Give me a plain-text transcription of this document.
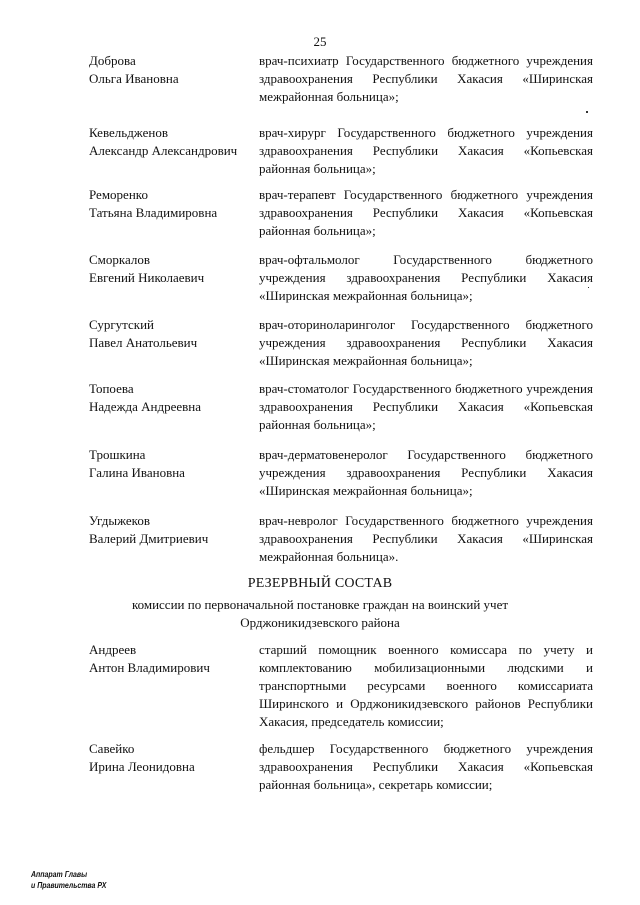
25
Доброва
Ольга Ивановна
врач-психиатр Государственного бюджетного учреждения здравоохранения Республики Хакасия «Ширинская межрайонная больница»;
Кевельдженов
Александр Александрович
врач-хирург Государственного бюджетного учреждения здравоохранения Республики Хакасия «Копьевская районная больница»;
Реморенко
Татьяна Владимировна
врач-терапевт Государственного бюджетного учреждения здравоохранения Республики Хакасия «Копьевская районная больница»;
Сморкалов
Евгений Николаевич
врач-офтальмолог Государственного бюджетного учреждения здравоохранения Республики Хакасия «Ширинская межрайонная больница»;
Сургутский
Павел Анатольевич
врач-оториноларинголог Государственного бюджетного учреждения здравоохранения Республики Хакасия «Ширинская межрайонная больница»;
Топоева
Надежда Андреевна
врач-стоматолог Государственного бюджетного учреждения здравоохранения Республики Хакасия «Копьевская районная больница»;
Трошкина
Галина Ивановна
врач-дерматовенеролог Государственного бюджетного учреждения здравоохранения Республики Хакасия «Ширинская межрайонная больница»;
Угдыжеков
Валерий Дмитриевич
врач-невролог Государственного бюджетного учреждения здравоохранения Республики Хакасия «Ширинская межрайонная больница».
РЕЗЕРВНЫЙ СОСТАВ
комиссии по первоначальной постановке граждан на воинский учет
Орджоникидзевского района
Андреев
Антон Владимирович
старший помощник военного комиссара по учету и комплектованию мобилизационными людскими и транспортными ресурсами военного комиссариата Ширинского и Орджоникидзевского районов Республики Хакасия, председатель комиссии;
Савейко
Ирина Леонидовна
фельдшер Государственного бюджетного учреждения здравоохранения Республики Хакасия «Копьевская районная больница», секретарь комиссии;
Аппарат Главы
и Правительства РХ
